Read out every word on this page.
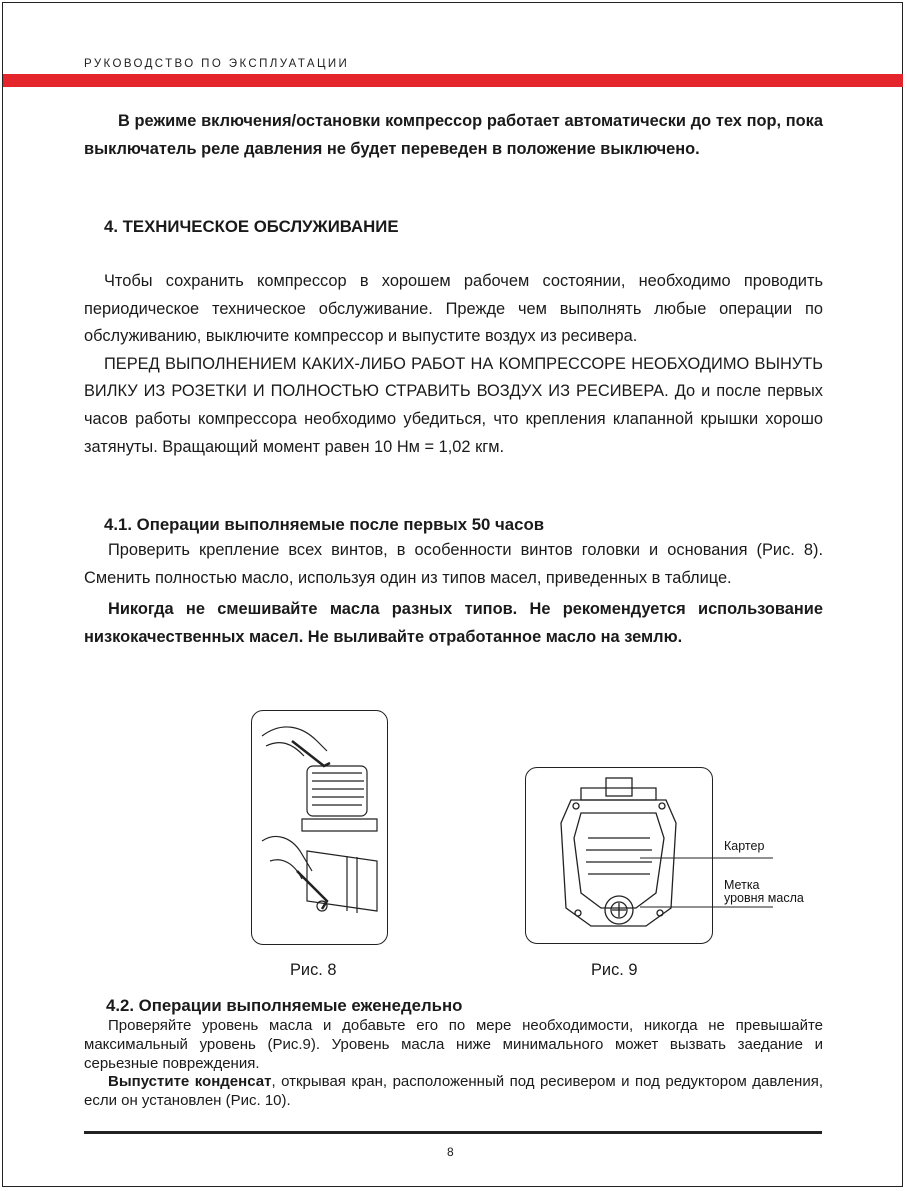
РУКОВОДСТВО ПО ЭКСПЛУАТАЦИИ

В режиме включения/остановки компрессор работает автоматически до тех пор, пока выключатель реле давления не будет переведен в положение выключено.

4. ТЕХНИЧЕСКОЕ ОБСЛУЖИВАНИЕ

Чтобы сохранить компрессор в хорошем рабочем состоянии, необходимо проводить периодическое техническое обслуживание. Прежде чем выполнять любые операции по обслуживанию, выключите компрессор и выпустите воздух из ресивера.

ПЕРЕД ВЫПОЛНЕНИЕМ КАКИХ-ЛИБО РАБОТ НА КОМПРЕССОРЕ НЕОБХОДИМО ВЫНУТЬ ВИЛКУ ИЗ РОЗЕТКИ И ПОЛНОСТЬЮ СТРАВИТЬ ВОЗДУХ ИЗ РЕСИВЕРА. До и после первых часов работы компрессора необходимо убедиться, что крепления клапанной крышки хорошо затянуты. Вращающий момент равен 10 Нм = 1,02 кгм.

4.1. Операции выполняемые после первых 50 часов

Проверить крепление всех винтов, в особенности винтов головки и основания (Рис. 8). Сменить полностью масло, используя один из типов масел, приведенных в таблице.

Никогда не смешивайте масла разных типов. Не рекомендуется использование низкокачественных масел. Не выливайте отработанное масло на землю.

Картер
Метка
уровня масла
Рис. 8	Рис. 9
4.2. Операции выполняемые еженедельно

Проверяйте уровень масла и добавьте его по мере необходимости, никогда не превышайте максимальный уровень (Рис.9). Уровень масла ниже минимального может вызвать заедание и серьезные повреждения.

Выпустите конденсат, открывая кран, расположенный под ресивером и под редуктором давления, если он установлен (Рис. 10).

8
